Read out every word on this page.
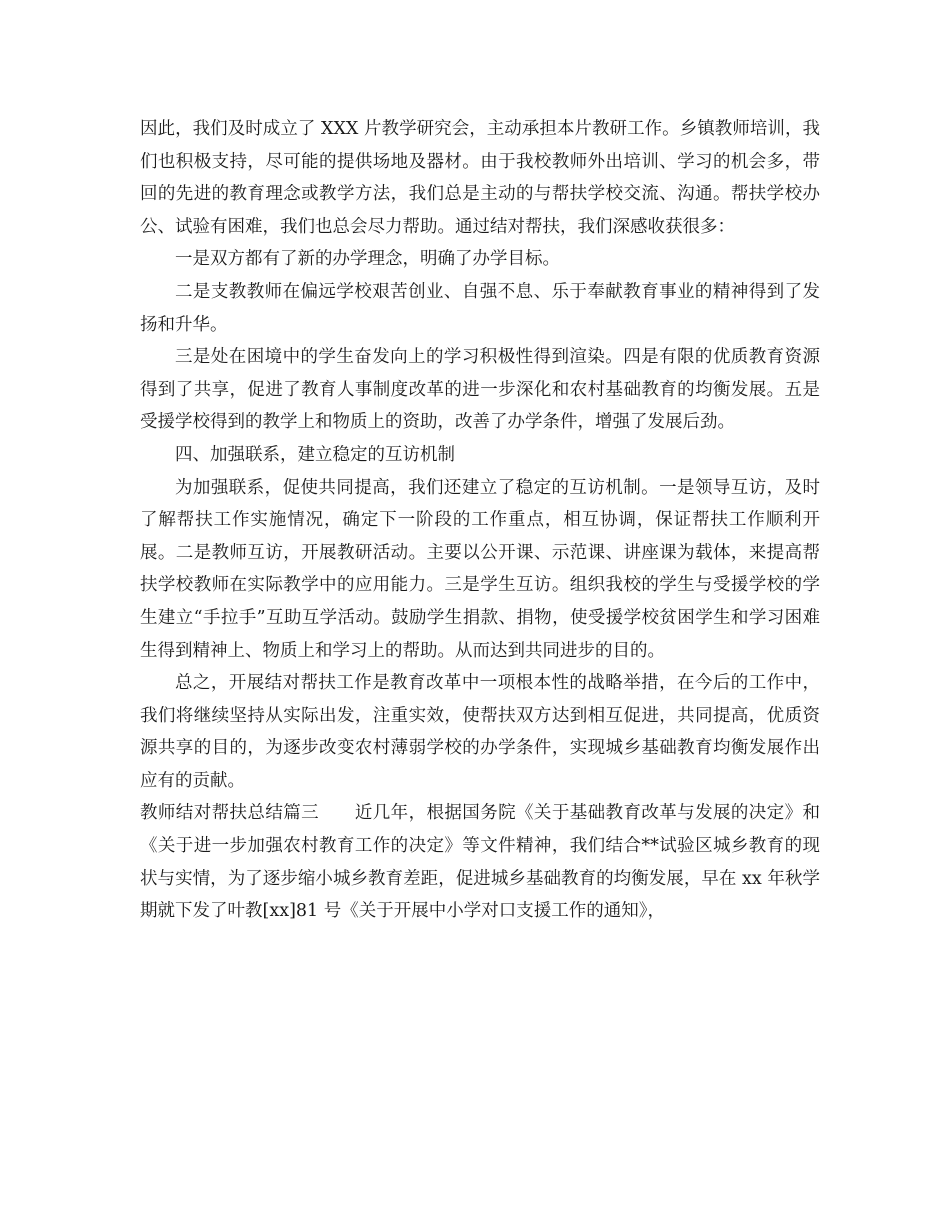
因此，我们及时成立了 XXX 片教学研究会，主动承担本片教研工作。乡镇教师培训，我们也积极支持，尽可能的提供场地及器材。由于我校教师外出培训、学习的机会多，带回的先进的教育理念或教学方法，我们总是主动的与帮扶学校交流、沟通。帮扶学校办公、试验有困难，我们也总会尽力帮助。通过结对帮扶，我们深感收获很多：

一是双方都有了新的办学理念，明确了办学目标。

二是支教教师在偏远学校艰苦创业、自强不息、乐于奉献教育事业的精神得到了发扬和升华。

三是处在困境中的学生奋发向上的学习积极性得到渲染。四是有限的优质教育资源得到了共享，促进了教育人事制度改革的进一步深化和农村基础教育的均衡发展。五是受援学校得到的教学上和物质上的资助，改善了办学条件，增强了发展后劲。

四、加强联系，建立稳定的互访机制

为加强联系，促使共同提高，我们还建立了稳定的互访机制。一是领导互访，及时了解帮扶工作实施情况，确定下一阶段的工作重点，相互协调，保证帮扶工作顺利开展。二是教师互访，开展教研活动。主要以公开课、示范课、讲座课为载体，来提高帮扶学校教师在实际教学中的应用能力。三是学生互访。组织我校的学生与受援学校的学生建立“手拉手”互助互学活动。鼓励学生捐款、捐物，使受援学校贫困学生和学习困难生得到精神上、物质上和学习上的帮助。从而达到共同进步的目的。

总之，开展结对帮扶工作是教育改革中一项根本性的战略举措，在今后的工作中，我们将继续坚持从实际出发，注重实效，使帮扶双方达到相互促进，共同提高，优质资源共享的目的，为逐步改变农村薄弱学校的办学条件，实现城乡基础教育均衡发展作出应有的贡献。

教师结对帮扶总结篇三　　近几年，根据国务院《关于基础教育改革与发展的决定》和《关于进一步加强农村教育工作的决定》等文件精神，我们结合**试验区城乡教育的现状与实情，为了逐步缩小城乡教育差距，促进城乡基础教育的均衡发展，早在 xx 年秋学期就下发了叶教[xx]81 号《关于开展中小学对口支援工作的通知》，
